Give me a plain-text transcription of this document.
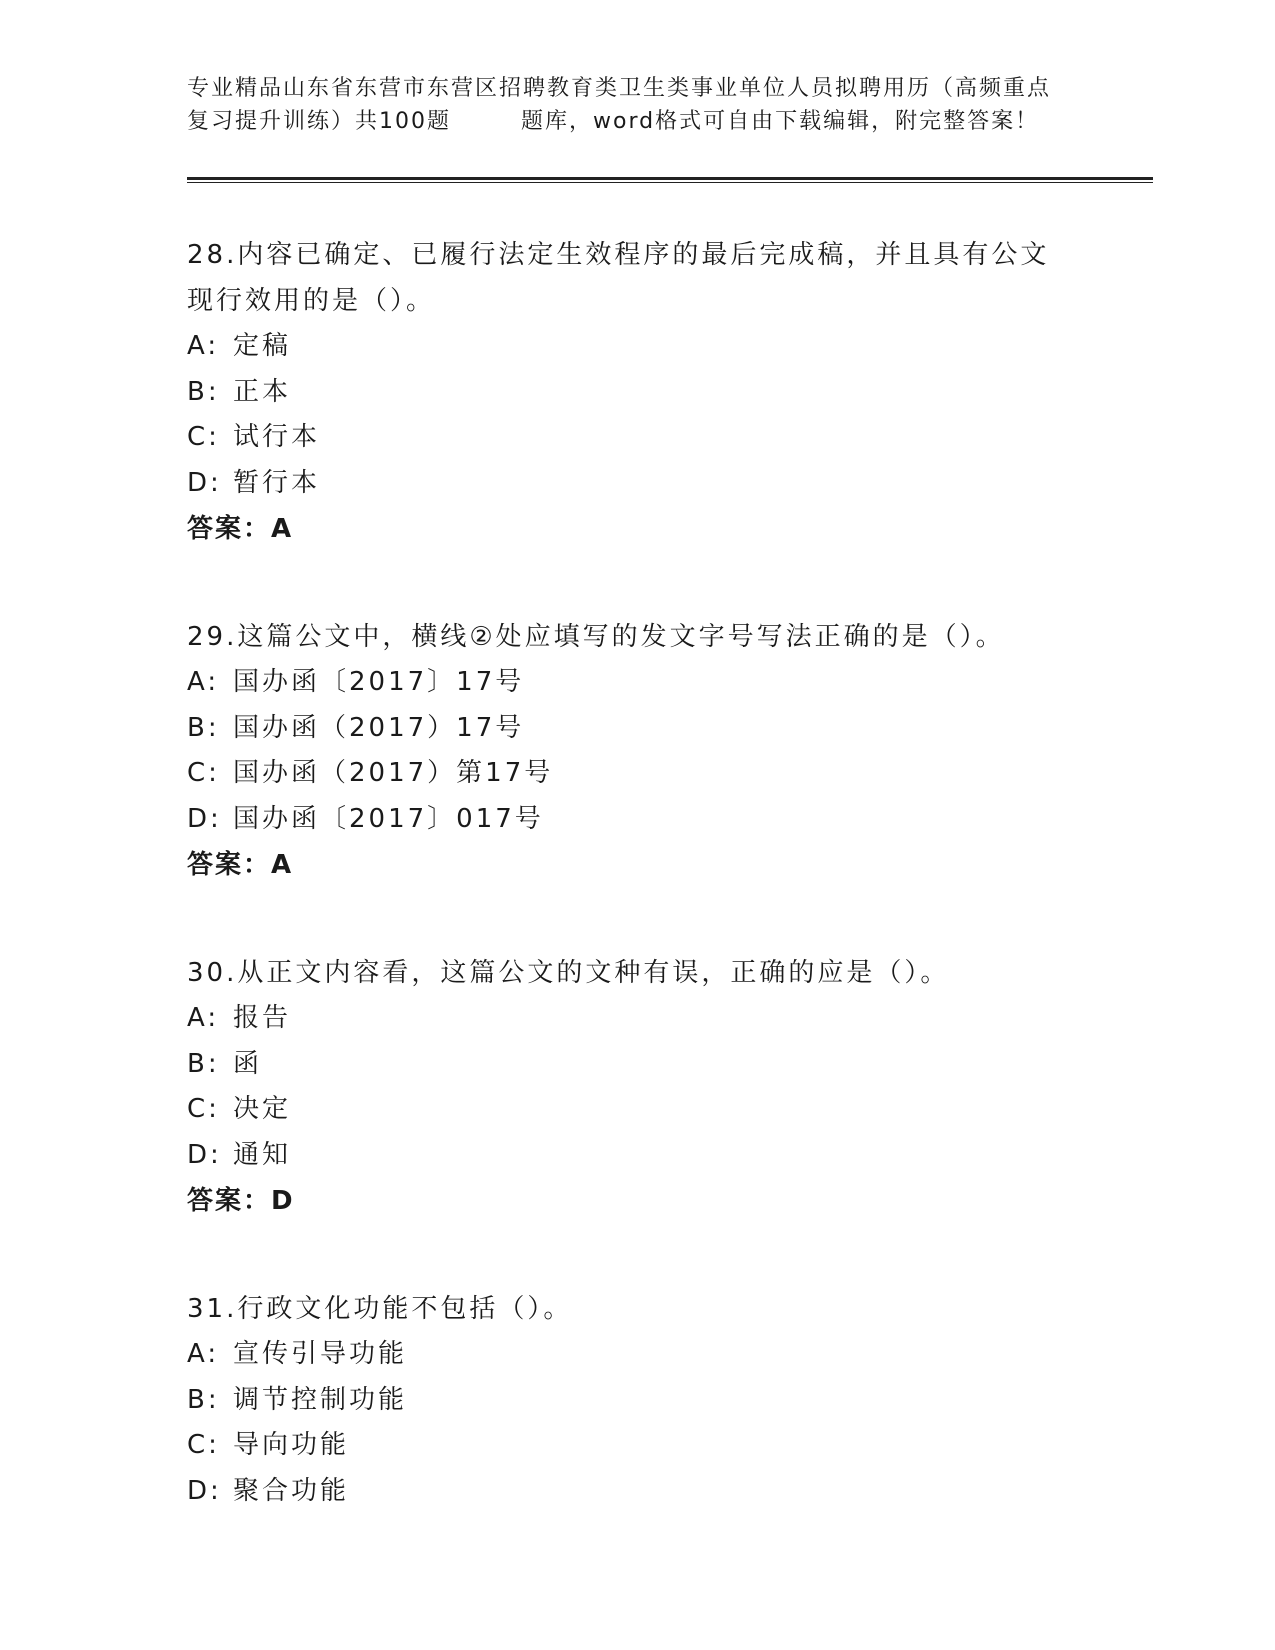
专业精品山东省东营市东营区招聘教育类卫生类事业单位人员拟聘用历（高频重点
复习提升训练）共100题	题库，word格式可自由下载编辑，附完整答案！
28.内容已确定、已履行法定生效程序的最后完成稿，并且具有公文现行效用的是（）。
A: 定稿
B: 正本
C: 试行本
D: 暂行本
答案：A
29.这篇公文中，横线②处应填写的发文字号写法正确的是（）。
A: 国办函〔2017〕17号
B: 国办函（2017）17号
C: 国办函（2017）第17号
D: 国办函〔2017〕017号
答案：A
30.从正文内容看，这篇公文的文种有误，正确的应是（）。
A: 报告
B: 函
C: 决定
D: 通知
答案：D
31.行政文化功能不包括（）。
A: 宣传引导功能
B: 调节控制功能
C: 导向功能
D: 聚合功能
